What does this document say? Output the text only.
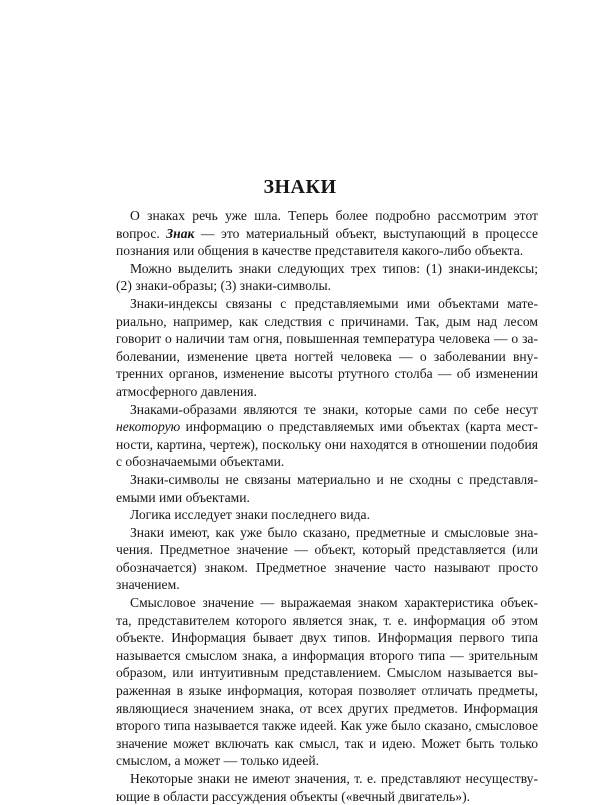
ЗНАКИ
О знаках речь уже шла. Теперь более подробно рассмотрим этот
вопрос. Знак — это материальный объект, выступающий в процессе
познания или общения в качестве представителя какого-либо объекта.
Можно выделить знаки следующих трех типов: (1) знаки-индексы;
(2) знаки-образы; (3) знаки-символы.
Знаки-индексы связаны с представляемыми ими объектами мате-
риально, например, как следствия с причинами. Так, дым над лесом
говорит о наличии там огня, повышенная температура человека — о за-
болевании, изменение цвета ногтей человека — о заболевании вну-
тренних органов, изменение высоты ртутного столба — об изменении
атмосферного давления.
Знаками-образами являются те знаки, которые сами по себе несут
некоторую информацию о представляемых ими объектах (карта мест-
ности, картина, чертеж), поскольку они находятся в отношении подобия
с обозначаемыми объектами.
Знаки-символы не связаны материально и не сходны с представля-
емыми ими объектами.
Логика исследует знаки последнего вида.
Знаки имеют, как уже было сказано, предметные и смысловые зна-
чения. Предметное значение — объект, который представляется (или
обозначается) знаком. Предметное значение часто называют просто
значением.
Смысловое значение — выражаемая знаком характеристика объек-
та, представителем которого является знак, т. е. информация об этом
объекте. Информация бывает двух типов. Информация первого типа
называется смыслом знака, а информация второго типа — зрительным
образом, или интуитивным представлением. Смыслом называется вы-
раженная в языке информация, которая позволяет отличать предметы,
являющиеся значением знака, от всех других предметов. Информация
второго типа называется также идеей. Как уже было сказано, смысловое
значение может включать как смысл, так и идею. Может быть только
смыслом, а может — только идеей.
Некоторые знаки не имеют значения, т. е. представляют несуществу-
ющие в области рассуждения объекты («вечный двигатель»).
